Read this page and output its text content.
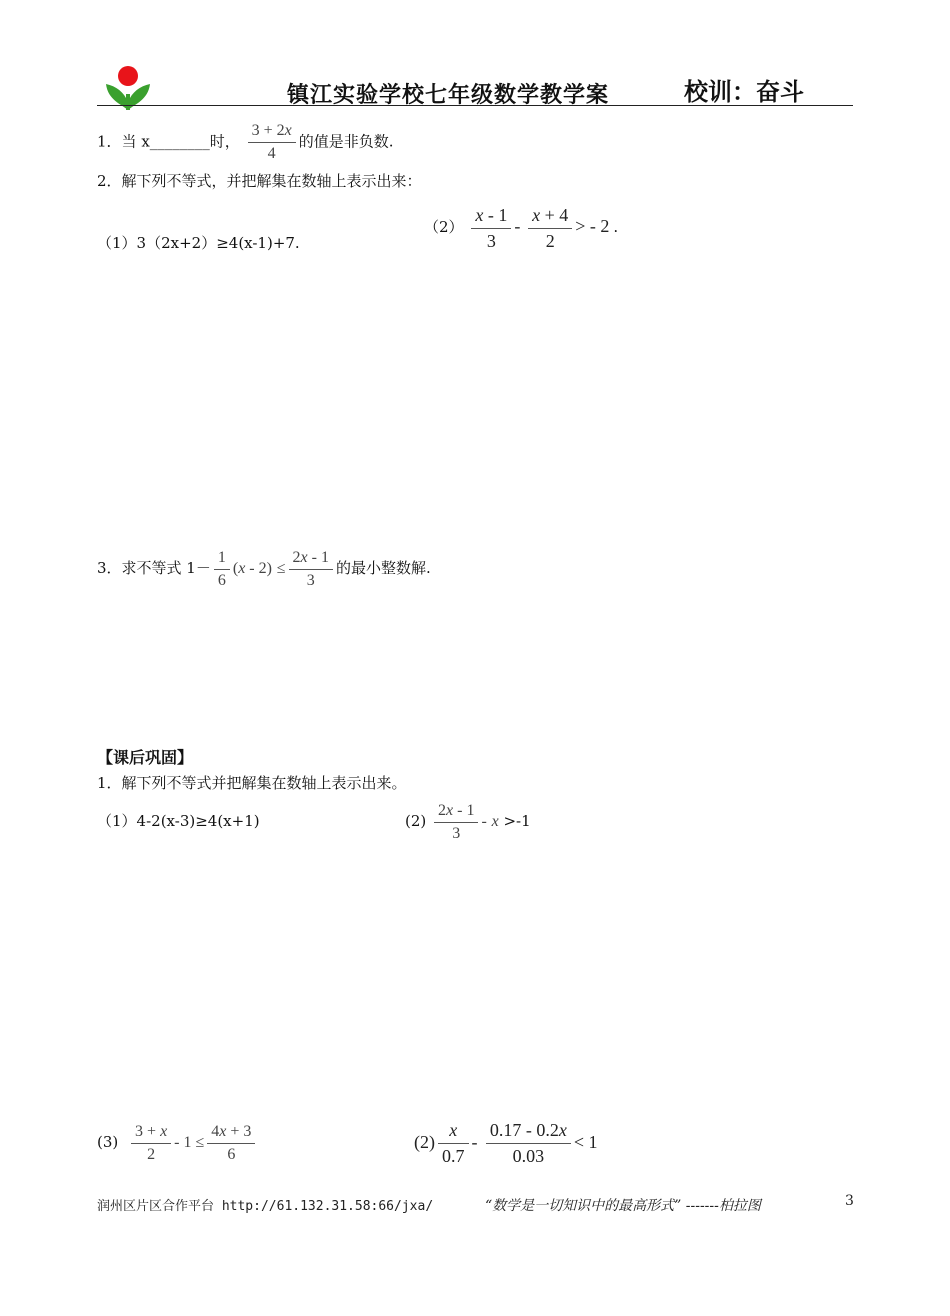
镇江实验学校七年级数学教学案	校训：奋斗
1．当 x________时， $\frac{3 + 2x}{4}$ 的值是非负数.
2．解下列不等式，并把解集在数轴上表示出来：
（1）3（2x+2）≥4(x-1)+7.
$(2) \frac{x - 1}{3} - \frac{x + 4}{2}$ > - 2 .
3．求不等式 $1- \frac{1}{6} (x - 2) \le \frac{2x - 1}{3}$ 的最小整数解.
【课后巩固】
1．解下列不等式并把解集在数轴上表示出来。
（1）4-2(x-3)≥4(x+1)	$(2) \frac{2x - 1}{3} - x >-1$
$(3) \frac{3 + x}{2} - 1 \le \frac{4x + 3}{6}$	$(2) \frac{x}{0.7} - \frac{0.17 - 0.2x}{0.03} < 1$
润州区片区合作平台 http://61.132.31.58:66/jxa/	“数学是一切知识中的最高形式” -------柏拉图	3
